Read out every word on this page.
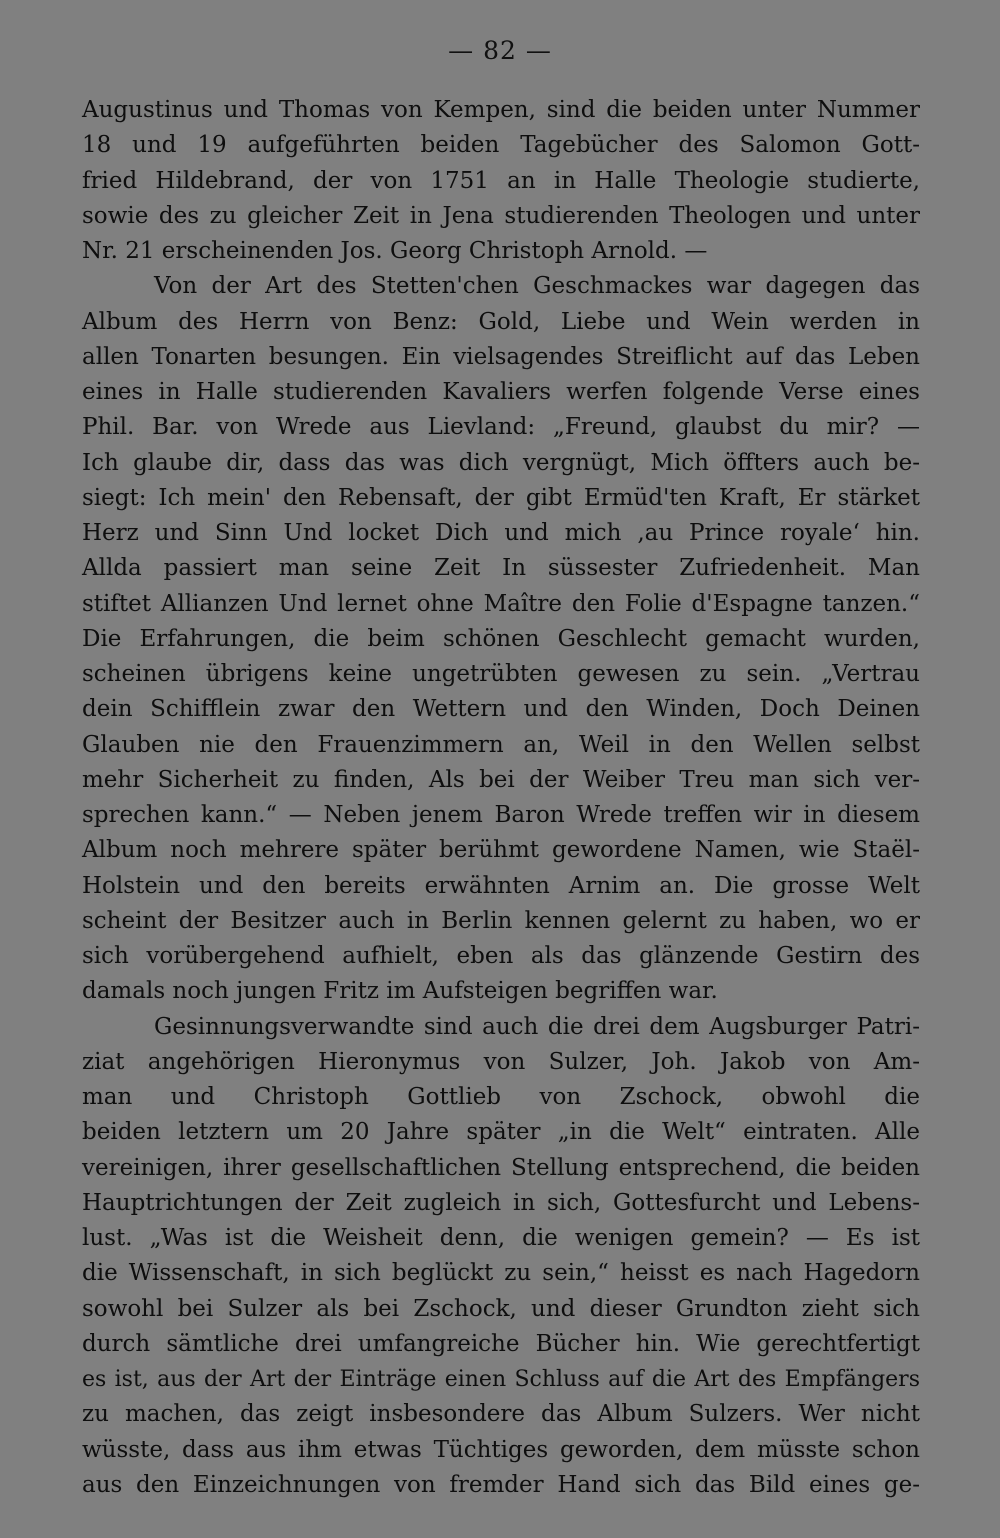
— 82 —
Augustinus und Thomas von Kempen, sind die beiden unter Nummer
18 und 19 aufgeführten beiden Tagebücher des Salomon Gott-
fried Hildebrand, der von 1751 an in Halle Theologie studierte,
sowie des zu gleicher Zeit in Jena studierenden Theologen und unter
Nr. 21 erscheinenden Jos. Georg Christoph Arnold. —
Von der Art des Stetten'chen Geschmackes war dagegen das
Album des Herrn von Benz: Gold, Liebe und Wein werden in
allen Tonarten besungen. Ein vielsagendes Streiflicht auf das Leben
eines in Halle studierenden Kavaliers werfen folgende Verse eines
Phil. Bar. von Wrede aus Lievland: „Freund, glaubst du mir? —
Ich glaube dir, dass das was dich vergnügt, Mich öffters auch be-
siegt: Ich mein' den Rebensaft, der gibt Ermüd'ten Kraft, Er stärket
Herz und Sinn Und locket Dich und mich ‚au Prince royale‘ hin.
Allda passiert man seine Zeit In süssester Zufriedenheit. Man
stiftet Allianzen Und lernet ohne Maître den Folie d'Espagne tanzen.“
Die Erfahrungen, die beim schönen Geschlecht gemacht wurden,
scheinen übrigens keine ungetrübten gewesen zu sein. „Vertrau
dein Schifflein zwar den Wettern und den Winden, Doch Deinen
Glauben nie den Frauenzimmern an, Weil in den Wellen selbst
mehr Sicherheit zu finden, Als bei der Weiber Treu man sich ver-
sprechen kann.“ — Neben jenem Baron Wrede treffen wir in diesem
Album noch mehrere später berühmt gewordene Namen, wie Staël-
Holstein und den bereits erwähnten Arnim an. Die grosse Welt
scheint der Besitzer auch in Berlin kennen gelernt zu haben, wo er
sich vorübergehend aufhielt, eben als das glänzende Gestirn des
damals noch jungen Fritz im Aufsteigen begriffen war.
Gesinnungsverwandte sind auch die drei dem Augsburger Patri-
ziat angehörigen Hieronymus von Sulzer, Joh. Jakob von Am-
man und Christoph Gottlieb von Zschock, obwohl die
beiden letztern um 20 Jahre später „in die Welt“ eintraten. Alle
vereinigen, ihrer gesellschaftlichen Stellung entsprechend, die beiden
Hauptrichtungen der Zeit zugleich in sich, Gottesfurcht und Lebens-
lust. „Was ist die Weisheit denn, die wenigen gemein? — Es ist
die Wissenschaft, in sich beglückt zu sein,“ heisst es nach Hagedorn
sowohl bei Sulzer als bei Zschock, und dieser Grundton zieht sich
durch sämtliche drei umfangreiche Bücher hin. Wie gerechtfertigt
es ist, aus der Art der Einträge einen Schluss auf die Art des Empfängers
zu machen, das zeigt insbesondere das Album Sulzers. Wer nicht
wüsste, dass aus ihm etwas Tüchtiges geworden, dem müsste schon
aus den Einzeichnungen von fremder Hand sich das Bild eines ge-
